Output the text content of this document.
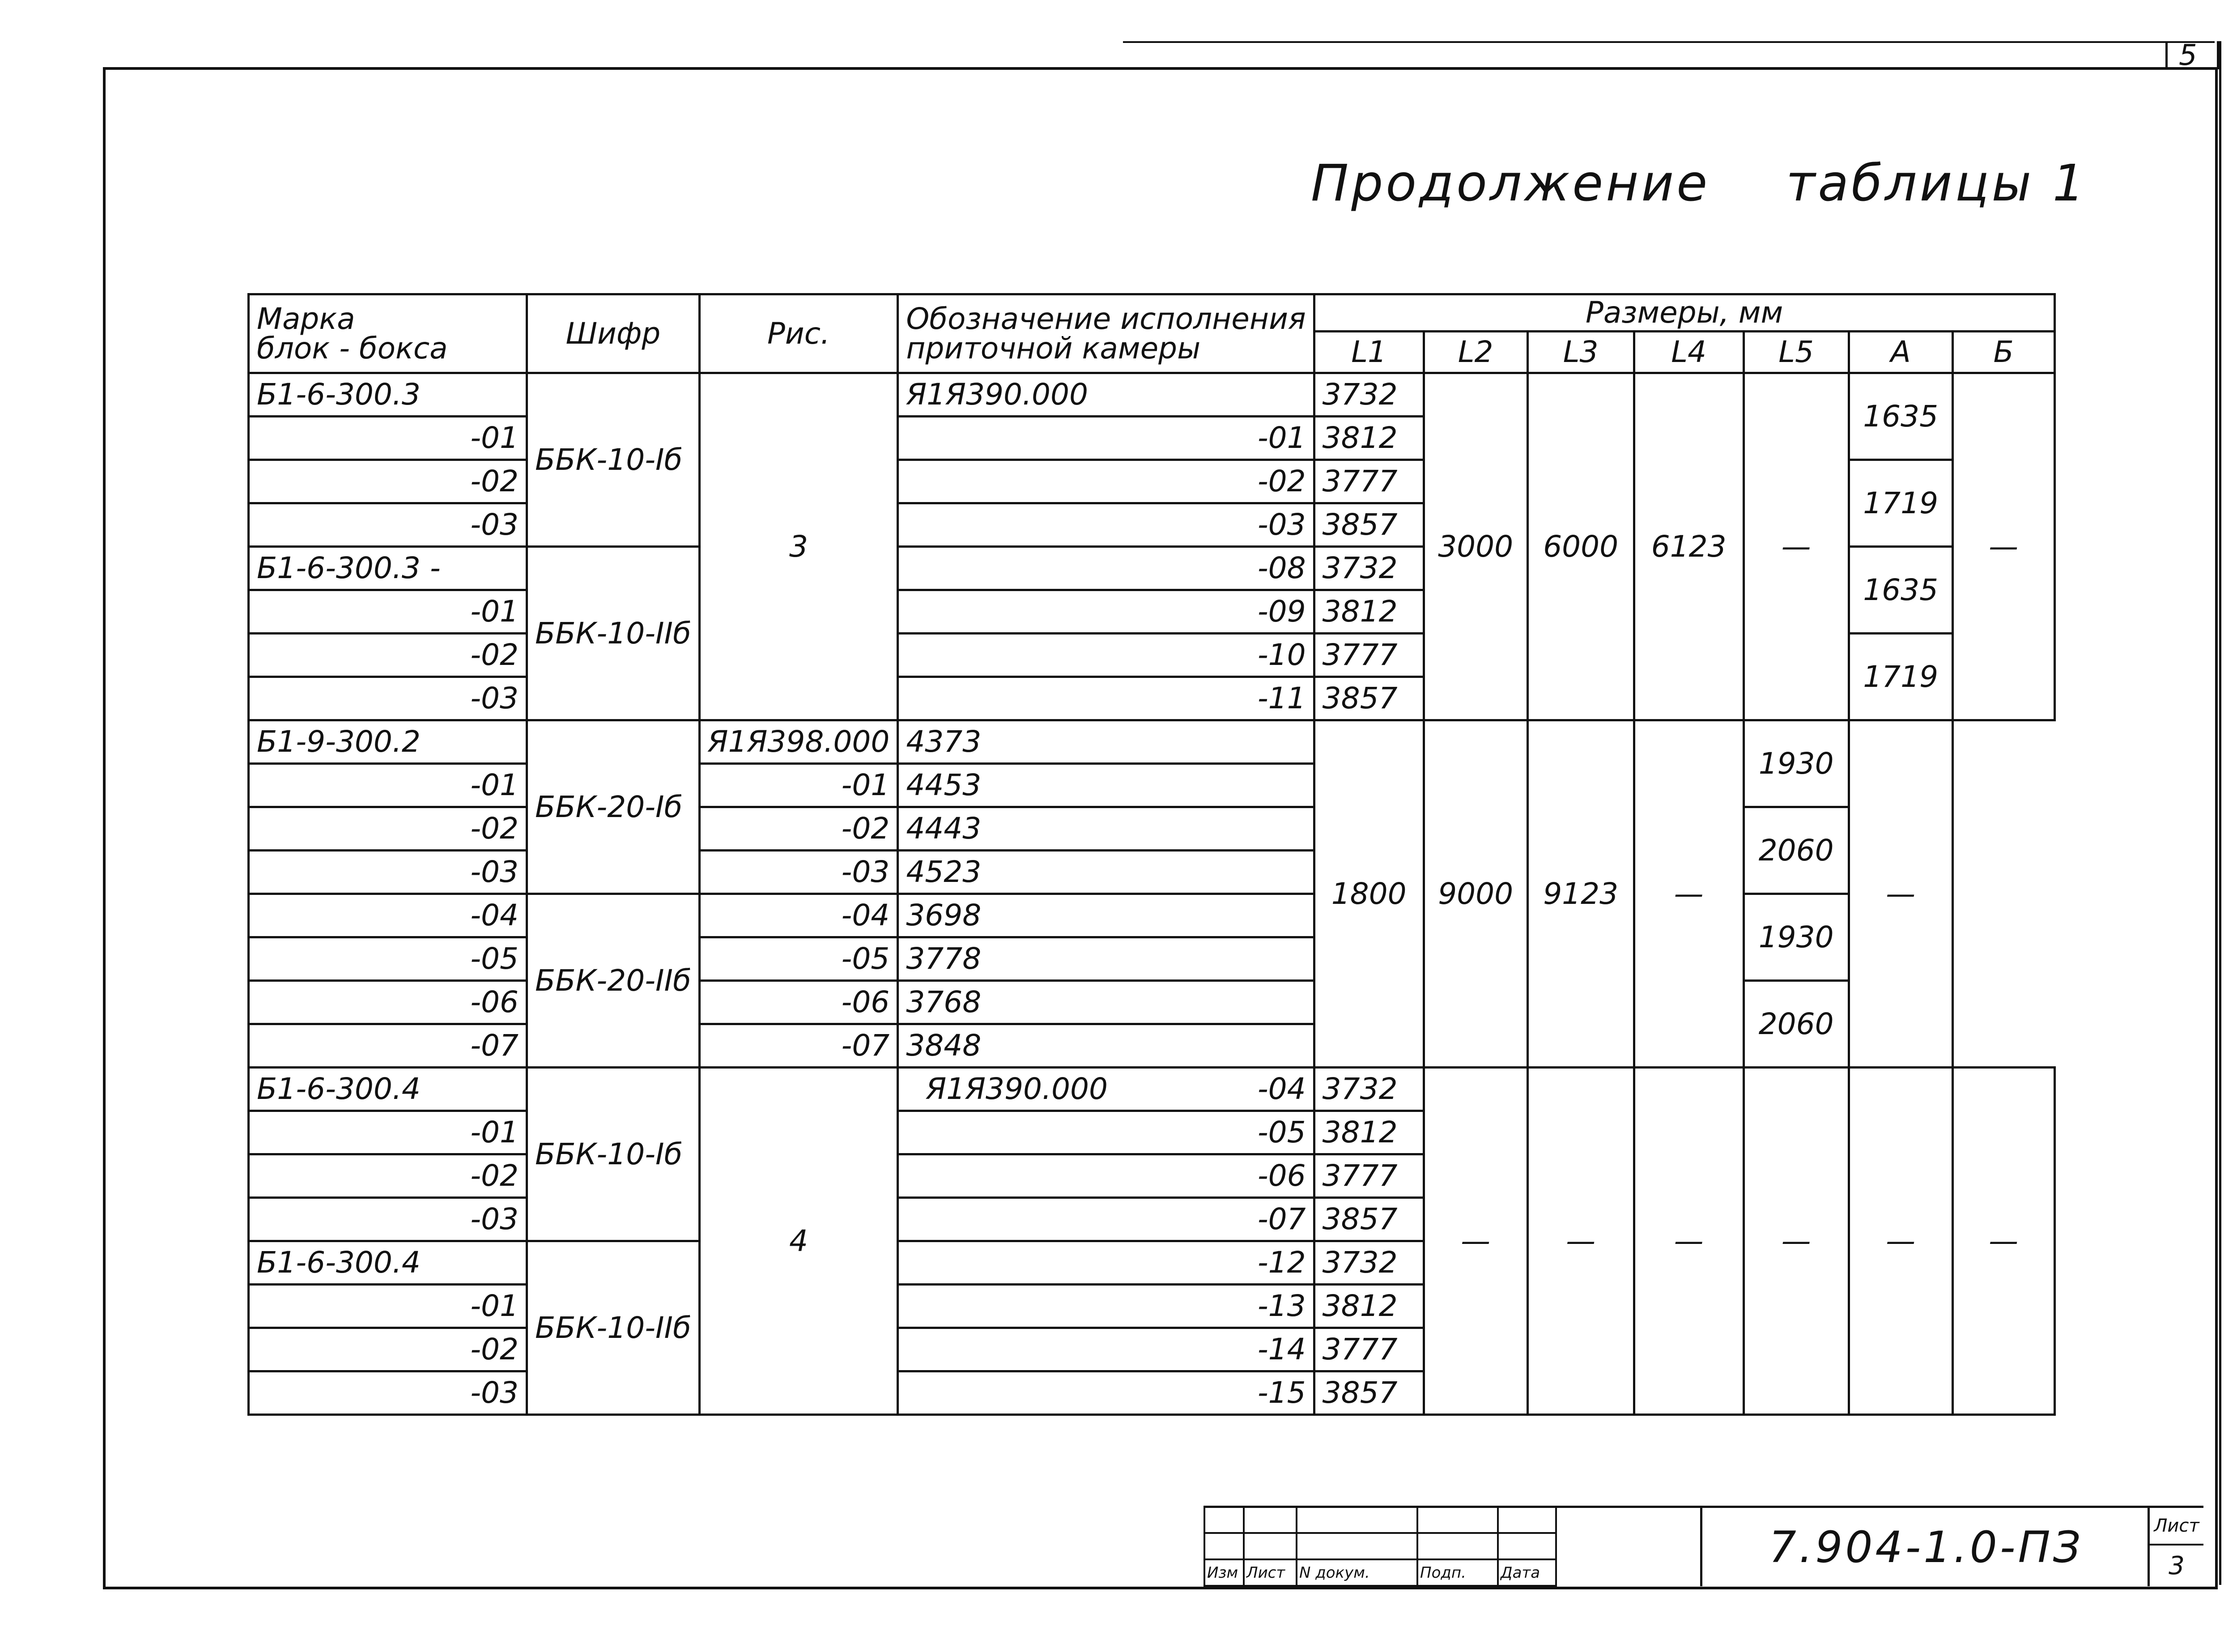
5
Продолжение таблицы 1
Марка
блок - бокса	Шифр	Рис.	Обозначение исполнения
приточной камеры	Размеры, мм						
				L1	L2	L3	L4	L5	А	Б
Б1-6-300.3	ББК-10-Iб	3	Я1Я390.000	3732	3000	6000	6123	—	1635	—
-01			-01	3812						
-02			-02	3777					1719	
-03			-03	3857						
Б1-6-300.3 -	ББК-10-IIб		-08	3732					1635	
-01			-09	3812						
-02			-10	3777					1719	
-03			-11	3857						
Б1-9-300.2	ББК-20-Iб	Я1Я398.000	4373	1800	9000	9123	—	1930	—	
-01		-01	4453							
-02		-02	4443					2060		
-03		-03	4523							
-04	ББК-20-IIб	-04	3698					1930		
-05		-05	3778							
-06		-06	3768					2060		
-07		-07	3848							
Б1-6-300.4	ББК-10-Iб	4	Я1Я390.000 -04	3732	—	—	—	—	—	—
-01			-05	3812						
-02			-06	3777						
-03			-07	3857						
Б1-6-300.4	ББК-10-IIб		-12	3732						
-01			-13	3812						
-02			-14	3777						
-03			-15	3857						

Изм	Лист	N докум.	Подп.	Дата	
7.904-1.0-ПЗ	Лист
3
